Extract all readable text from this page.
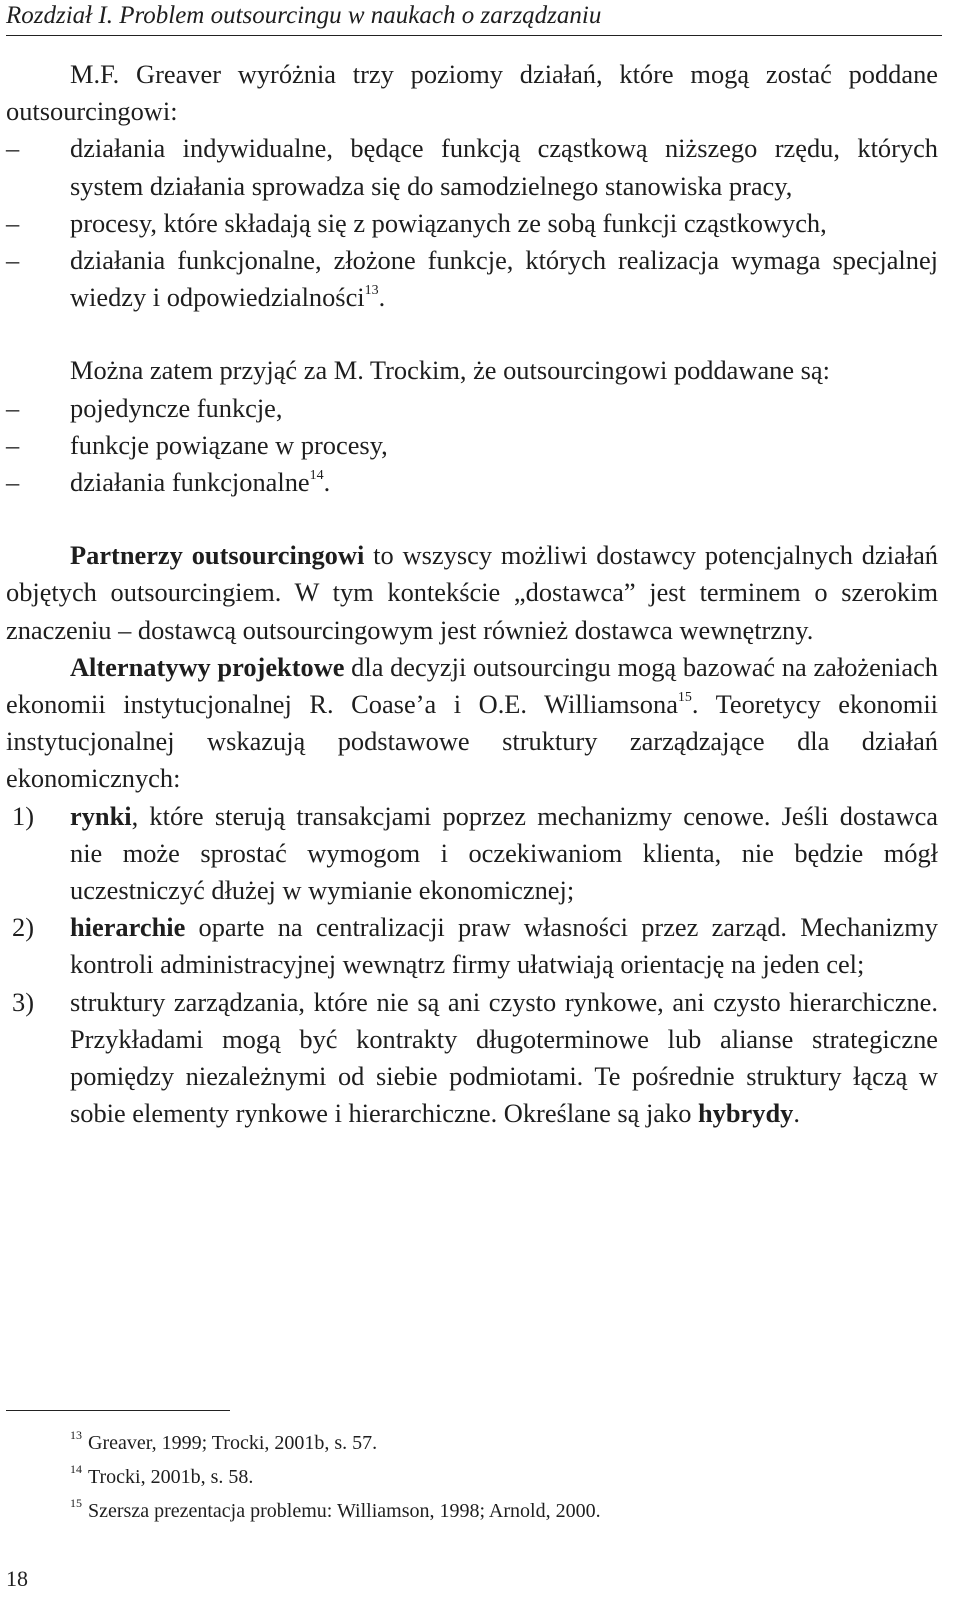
Rozdział I. Problem outsourcingu w naukach o zarządzaniu

M.F. Greaver wyróżnia trzy poziomy działań, które mogą zostać poddane outsourcingowi:

– działania indywidualne, będące funkcją cząstkową niższego rzędu, których system działania sprowadza się do samodzielnego stanowiska pracy,
– procesy, które składają się z powiązanych ze sobą funkcji cząstkowych,
– działania funkcjonalne, złożone funkcje, których realizacja wymaga specjalnej wiedzy i odpowiedzialności$^{13}$.

Można zatem przyjąć za M. Trockim, że outsourcingowi poddawane są:

– pojedyncze funkcje,
– funkcje powiązane w procesy,
– działania funkcjonalne$^{14}$.

Partnerzy outsourcingowi to wszyscy możliwi dostawcy potencjalnych działań objętych outsourcingiem. W tym kontekście „dostawca” jest terminem o szerokim znaczeniu – dostawcą outsourcingowym jest również dostawca wewnętrzny.

Alternatywy projektowe dla decyzji outsourcingu mogą bazować na założeniach ekonomii instytucjonalnej R. Coase’a i O.E. Williamsona$^{15}$. Teoretycy ekonomii instytucjonalnej wskazują podstawowe struktury zarządzające dla działań ekonomicznych:

1) rynki, które sterują transakcjami poprzez mechanizmy cenowe. Jeśli dostawca nie może sprostać wymogom i oczekiwaniom klienta, nie będzie mógł uczestniczyć dłużej w wymianie ekonomicznej;
2) hierarchie oparte na centralizacji praw własności przez zarząd. Mechanizmy kontroli administracyjnej wewnątrz firmy ułatwiają orientację na jeden cel;
3) struktury zarządzania, które nie są ani czysto rynkowe, ani czysto hierarchiczne. Przykładami mogą być kontrakty długoterminowe lub alianse strategiczne pomiędzy niezależnymi od siebie podmiotami. Te pośrednie struktury łączą w sobie elementy rynkowe i hierarchiczne. Określane są jako hybrydy.
$^{13}$ Greaver, 1999; Trocki, 2001b, s. 57.
$^{14}$ Trocki, 2001b, s. 58.
$^{15}$ Szersza prezentacja problemu: Williamson, 1998; Arnold, 2000.
18
